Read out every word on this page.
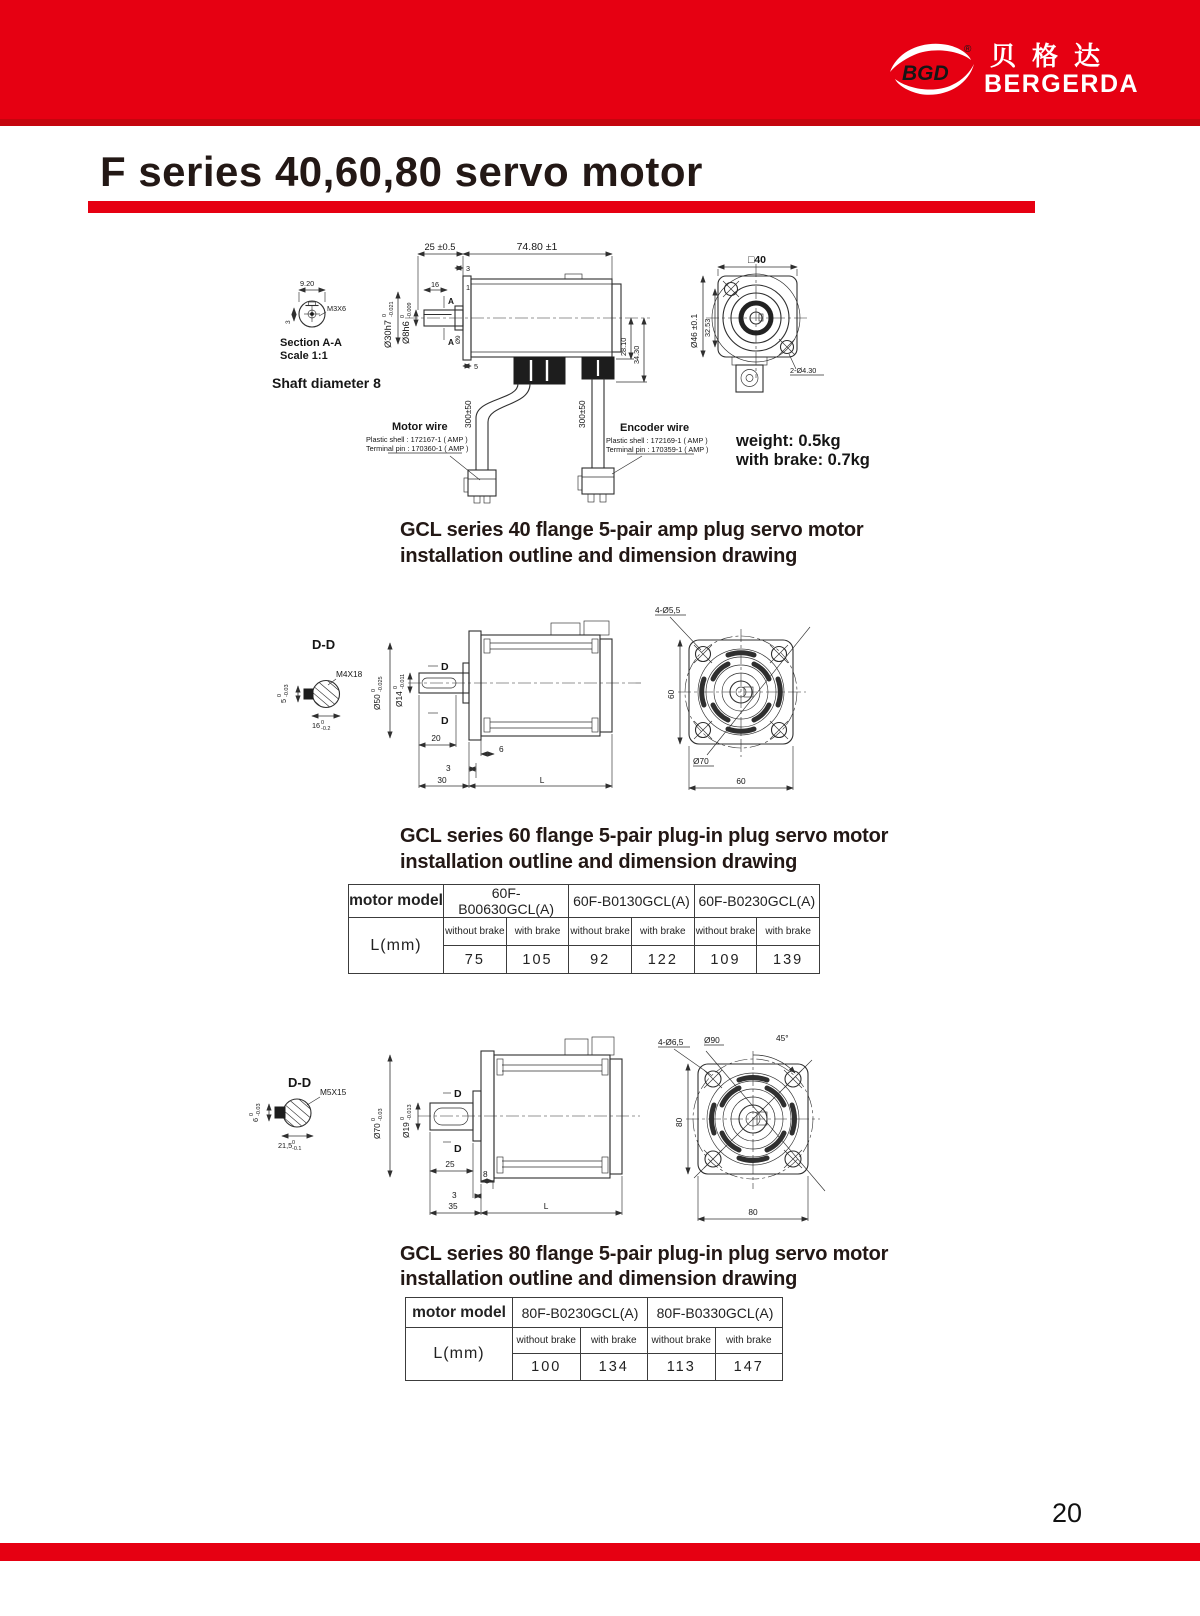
BGD
® 贝格达
BERGERDA
F series 40,60,80 servo motor
9.20
3
M3X6
Section A-A
Scale 1:1
Shaft diameter 8
25 ±0.5	74.80 ±1
3
16	1
A
A
Ø30h7
0 -0.021
Ø8h6
0 -0.009
Ø9
5
28.10 34.30
300±50	300±50
Motor wire
Plastic shell : 172167-1 ( AMP )
Terminal pin : 170360-1 ( AMP )
Encoder wire
Plastic shell : 172169-1 ( AMP )
Terminal pin : 170359-1 ( AMP )
□40
Ø46 ±0.1 32.53
2-Ø4.30
weight: 0.5kg
with brake: 0.7kg
GCL series 40 flange 5-pair amp plug servo motor
installation outline and dimension drawing
D-D
5
0 -0.03
M4X18
16 0
-0.2
Ø50
0 -0.025
Ø14
0 -0.011
D
D
20
6
3
30	L
4-Ø5,5
60
Ø70
60
GCL series 60 flange 5-pair plug-in plug servo motor
installation outline and dimension drawing
motor model	60F-B00630GCL(A)		60F-B0130GCL(A)		60F-B0230GCL(A)	
L(mm)	without brake	with brake	without brake	with brake	without brake	with brake
	75	105	92	122	109	139
D-D
6
0 -0.03
M5X15
21,5 0
-0.1
Ø70
0 -0.03
Ø19
0 -0.013
D
D
25
8
3
35	L
4-Ø6,5 Ø90	45°
80
80
GCL series 80 flange 5-pair plug-in plug servo motor
installation outline and dimension drawing
motor model	80F-B0230GCL(A)		80F-B0330GCL(A)	
L(mm)	without brake	with brake	without brake	with brake
	100	134	113	147
20
